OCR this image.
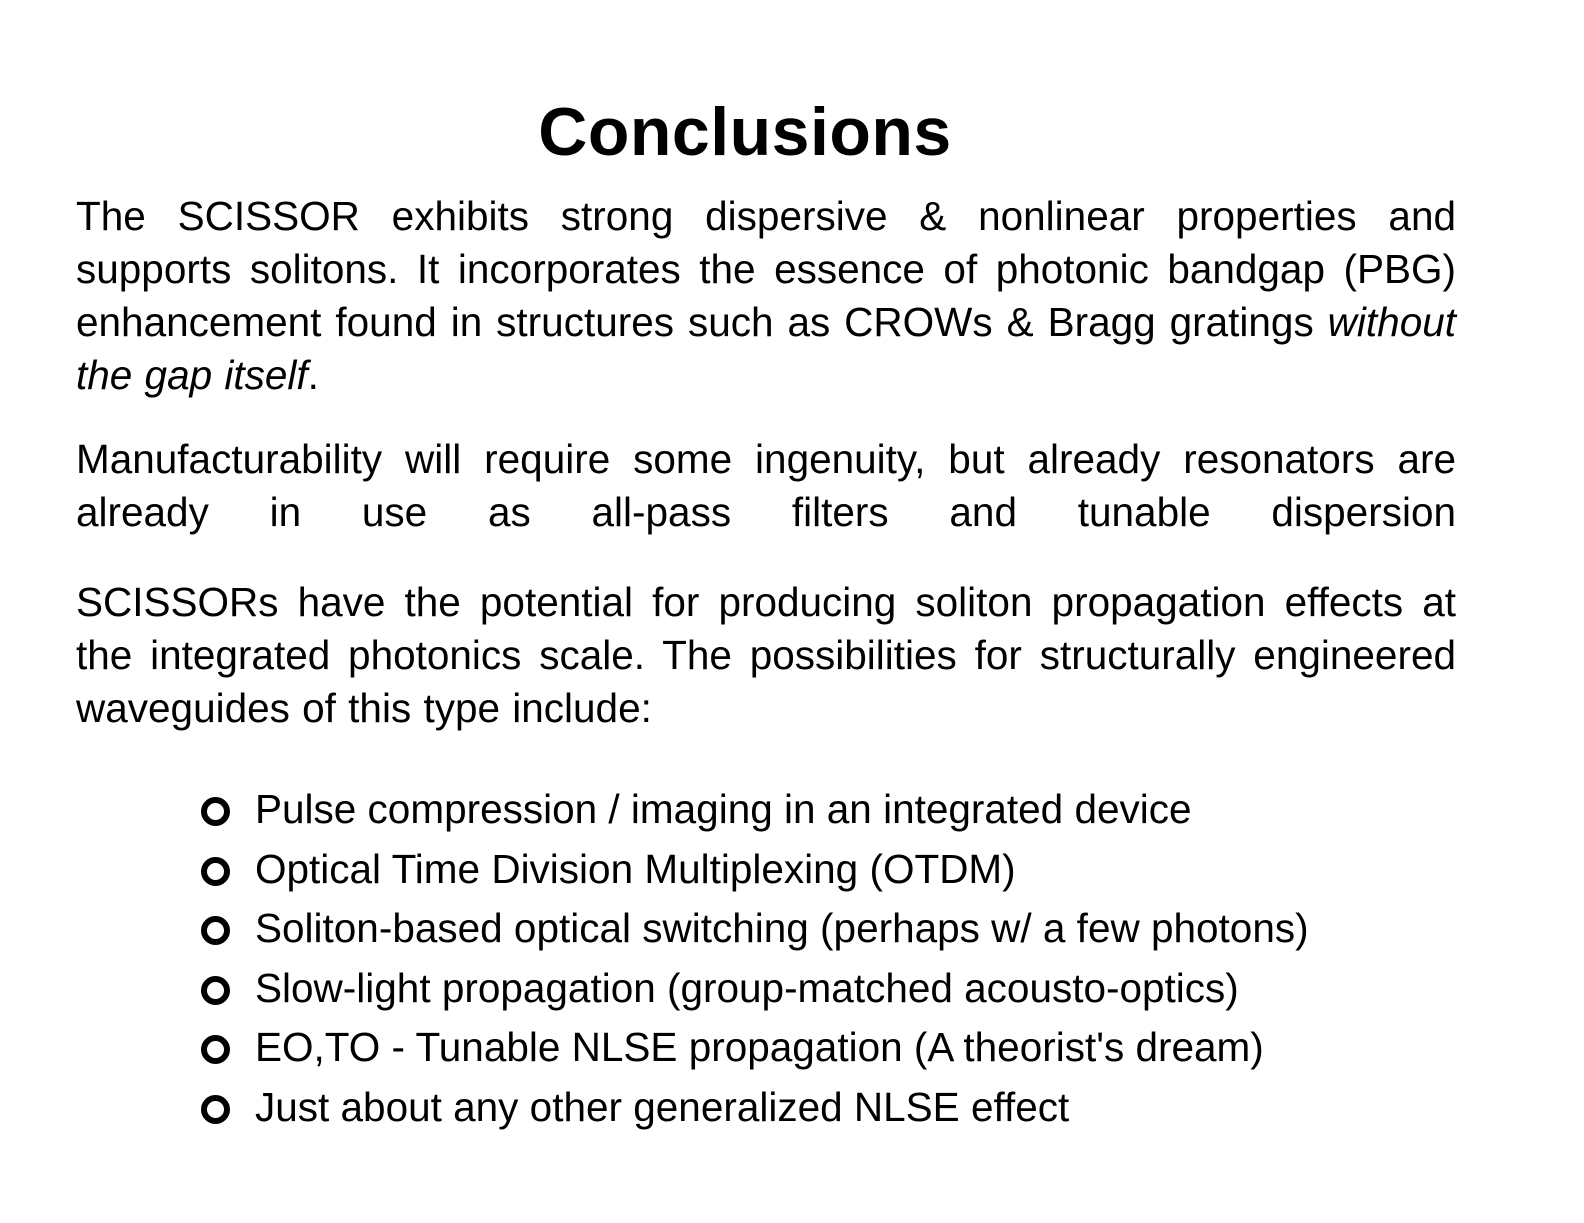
Conclusions
The SCISSOR exhibits strong dispersive & nonlinear properties and supports solitons. It incorporates the essence of photonic bandgap (PBG) enhancement found in structures such as CROWs & Bragg gratings without the gap itself.
Manufacturability will require some ingenuity, but already resonators are already in use as all-pass filters and tunable dispersion
SCISSORs have the potential for producing soliton propagation effects at the integrated photonics scale. The possibilities for structurally engineered waveguides of this type include:
Pulse compression / imaging in an integrated device
Optical Time Division Multiplexing (OTDM)
Soliton-based optical switching (perhaps w/ a few photons)
Slow-light propagation (group-matched acousto-optics)
EO,TO - Tunable NLSE propagation (A theorist's dream)
Just about any other generalized NLSE effect
